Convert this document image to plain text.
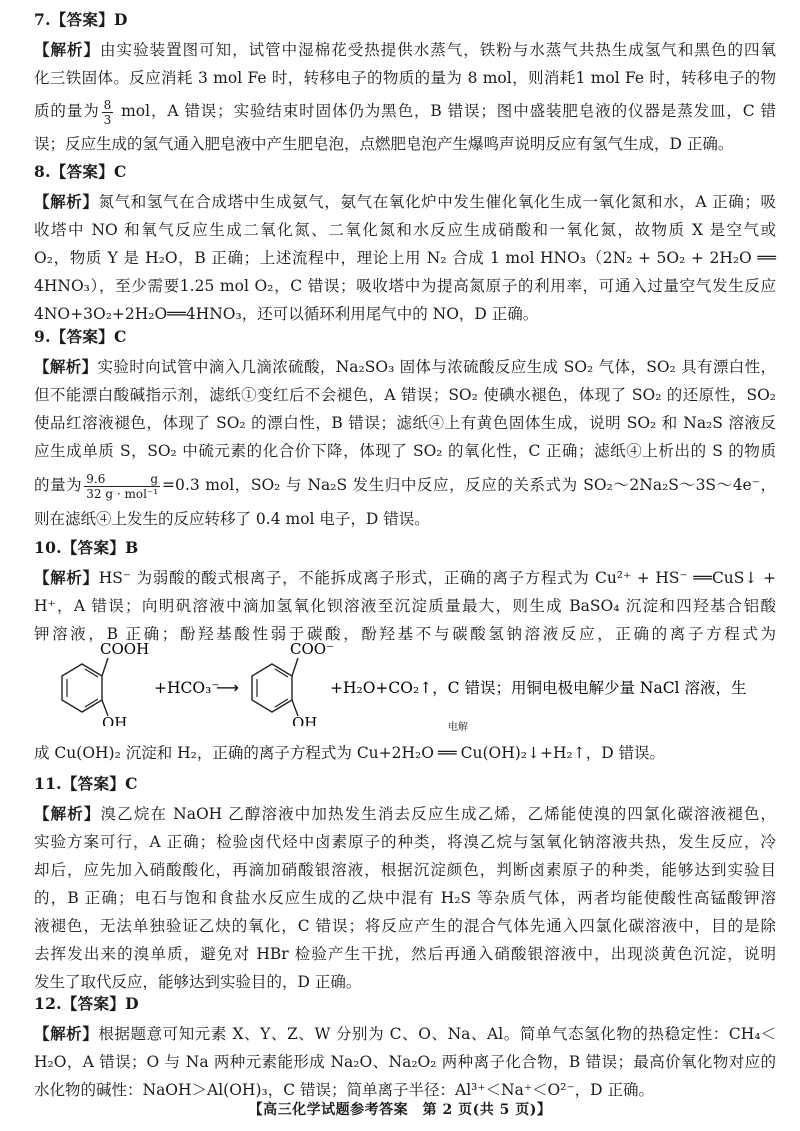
7.【答案】D
【解析】由实验装置图可知，试管中湿棉花受热提供水蒸气，铁粉与水蒸气共热生成氢气和黑色的四氧
化三铁固体。反应消耗 3 mol Fe 时，转移电子的物质的量为 8 mol，则消耗1 mol Fe 时，转移电子的物
质的量为 $\frac{8}{3}$ mol，A 错误；实验结束时固体仍为黑色，B 错误；图中盛装肥皂液的仪器是蒸发皿，C 错
误；反应生成的氢气通入肥皂液中产生肥皂泡，点燃肥皂泡产生爆鸣声说明反应有氢气生成，D 正确。
8.【答案】C
【解析】氮气和氢气在合成塔中生成氨气，氨气在氧化炉中发生催化氧化生成一氧化氮和水，A 正确；吸
收塔中 NO 和氧气反应生成二氧化氮、二氧化氮和水反应生成硝酸和一氧化氮，故物质 X 是空气或
O₂，物质 Y 是 H₂O，B 正确；上述流程中，理论上用 N₂ 合成 1 mol HNO₃（2N₂ + 5O₂ + 2H₂O ══
4HNO₃），至少需要1.25 mol O₂，C 错误；吸收塔中为提高氮原子的利用率，可通入过量空气发生反应
4NO+3O₂+2H₂O══4HNO₃，还可以循环利用尾气中的 NO，D 正确。
9.【答案】C
【解析】实验时向试管中滴入几滴浓硫酸，Na₂SO₃ 固体与浓硫酸反应生成 SO₂ 气体，SO₂ 具有漂白性，
但不能漂白酸碱指示剂，滤纸①变红后不会褪色，A 错误；SO₂ 使碘水褪色，体现了 SO₂ 的还原性，SO₂
使品红溶液褪色，体现了 SO₂ 的漂白性，B 错误；滤纸④上有黄色固体生成，说明 SO₂ 和 Na₂S 溶液反
应生成单质 S，SO₂ 中硫元素的化合价下降，体现了 SO₂ 的氧化性，C 正确；滤纸④上析出的 S 的物质
的量为 $\frac{9.6 g}{\text{32 g · mol⁻¹}} =0.3$ mol，SO₂ 与 Na₂S 发生归中反应，反应的关系式为 SO₂～2Na₂S～3S～4e⁻，
则在滤纸④上发生的反应转移了 0.4 mol 电子，D 错误。
10.【答案】B
【解析】HS⁻ 为弱酸的酸式根离子，不能拆成离子形式，正确的离子方程式为 Cu²⁺ + HS⁻ ══CuS↓ +
H⁺，A 错误；向明矾溶液中滴加氢氧化钡溶液至沉淀质量最大，则生成 BaSO₄ 沉淀和四羟基合铝酸
钾溶液，B 正确；酚羟基酸性弱于碳酸，酚羟基不与碳酸氢钠溶液反应，正确的离子方程式为
COOH
OH
+HCO₃⁻
⟶
COO⁻
OH
+H₂O+CO₂↑，C 错误；用铜电极电解少量 NaCl 溶液，生
成 Cu(OH)₂ 沉淀和 H₂，正确的离子方程式为 Cu+2H₂O
电解
══ Cu(OH)₂↓+H₂↑，D 错误。
11.【答案】C
【解析】溴乙烷在 NaOH 乙醇溶液中加热发生消去反应生成乙烯，乙烯能使溴的四氯化碳溶液褪色，
实验方案可行，A 正确；检验卤代烃中卤素原子的种类，将溴乙烷与氢氧化钠溶液共热，发生反应，冷
却后，应先加入硝酸酸化，再滴加硝酸银溶液，根据沉淀颜色，判断卤素原子的种类，能够达到实验目
的，B 正确；电石与饱和食盐水反应生成的乙炔中混有 H₂S 等杂质气体，两者均能使酸性高锰酸钾溶
液褪色，无法单独验证乙炔的氧化，C 错误；将反应产生的混合气体先通入四氯化碳溶液中，目的是除
去挥发出来的溴单质，避免对 HBr 检验产生干扰，然后再通入硝酸银溶液中，出现淡黄色沉淀，说明
发生了取代反应，能够达到实验目的，D 正确。
12.【答案】D
【解析】根据题意可知元素 X、Y、Z、W 分别为 C、O、Na、Al。简单气态氢化物的热稳定性：CH₄＜
H₂O，A 错误；O 与 Na 两种元素能形成 Na₂O、Na₂O₂ 两种离子化合物，B 错误；最高价氧化物对应的
水化物的碱性：NaOH＞Al(OH)₃，C 错误；简单离子半径：Al³⁺＜Na⁺＜O²⁻，D 正确。
【高三化学试题参考答案　第 2 页(共 5 页)】
